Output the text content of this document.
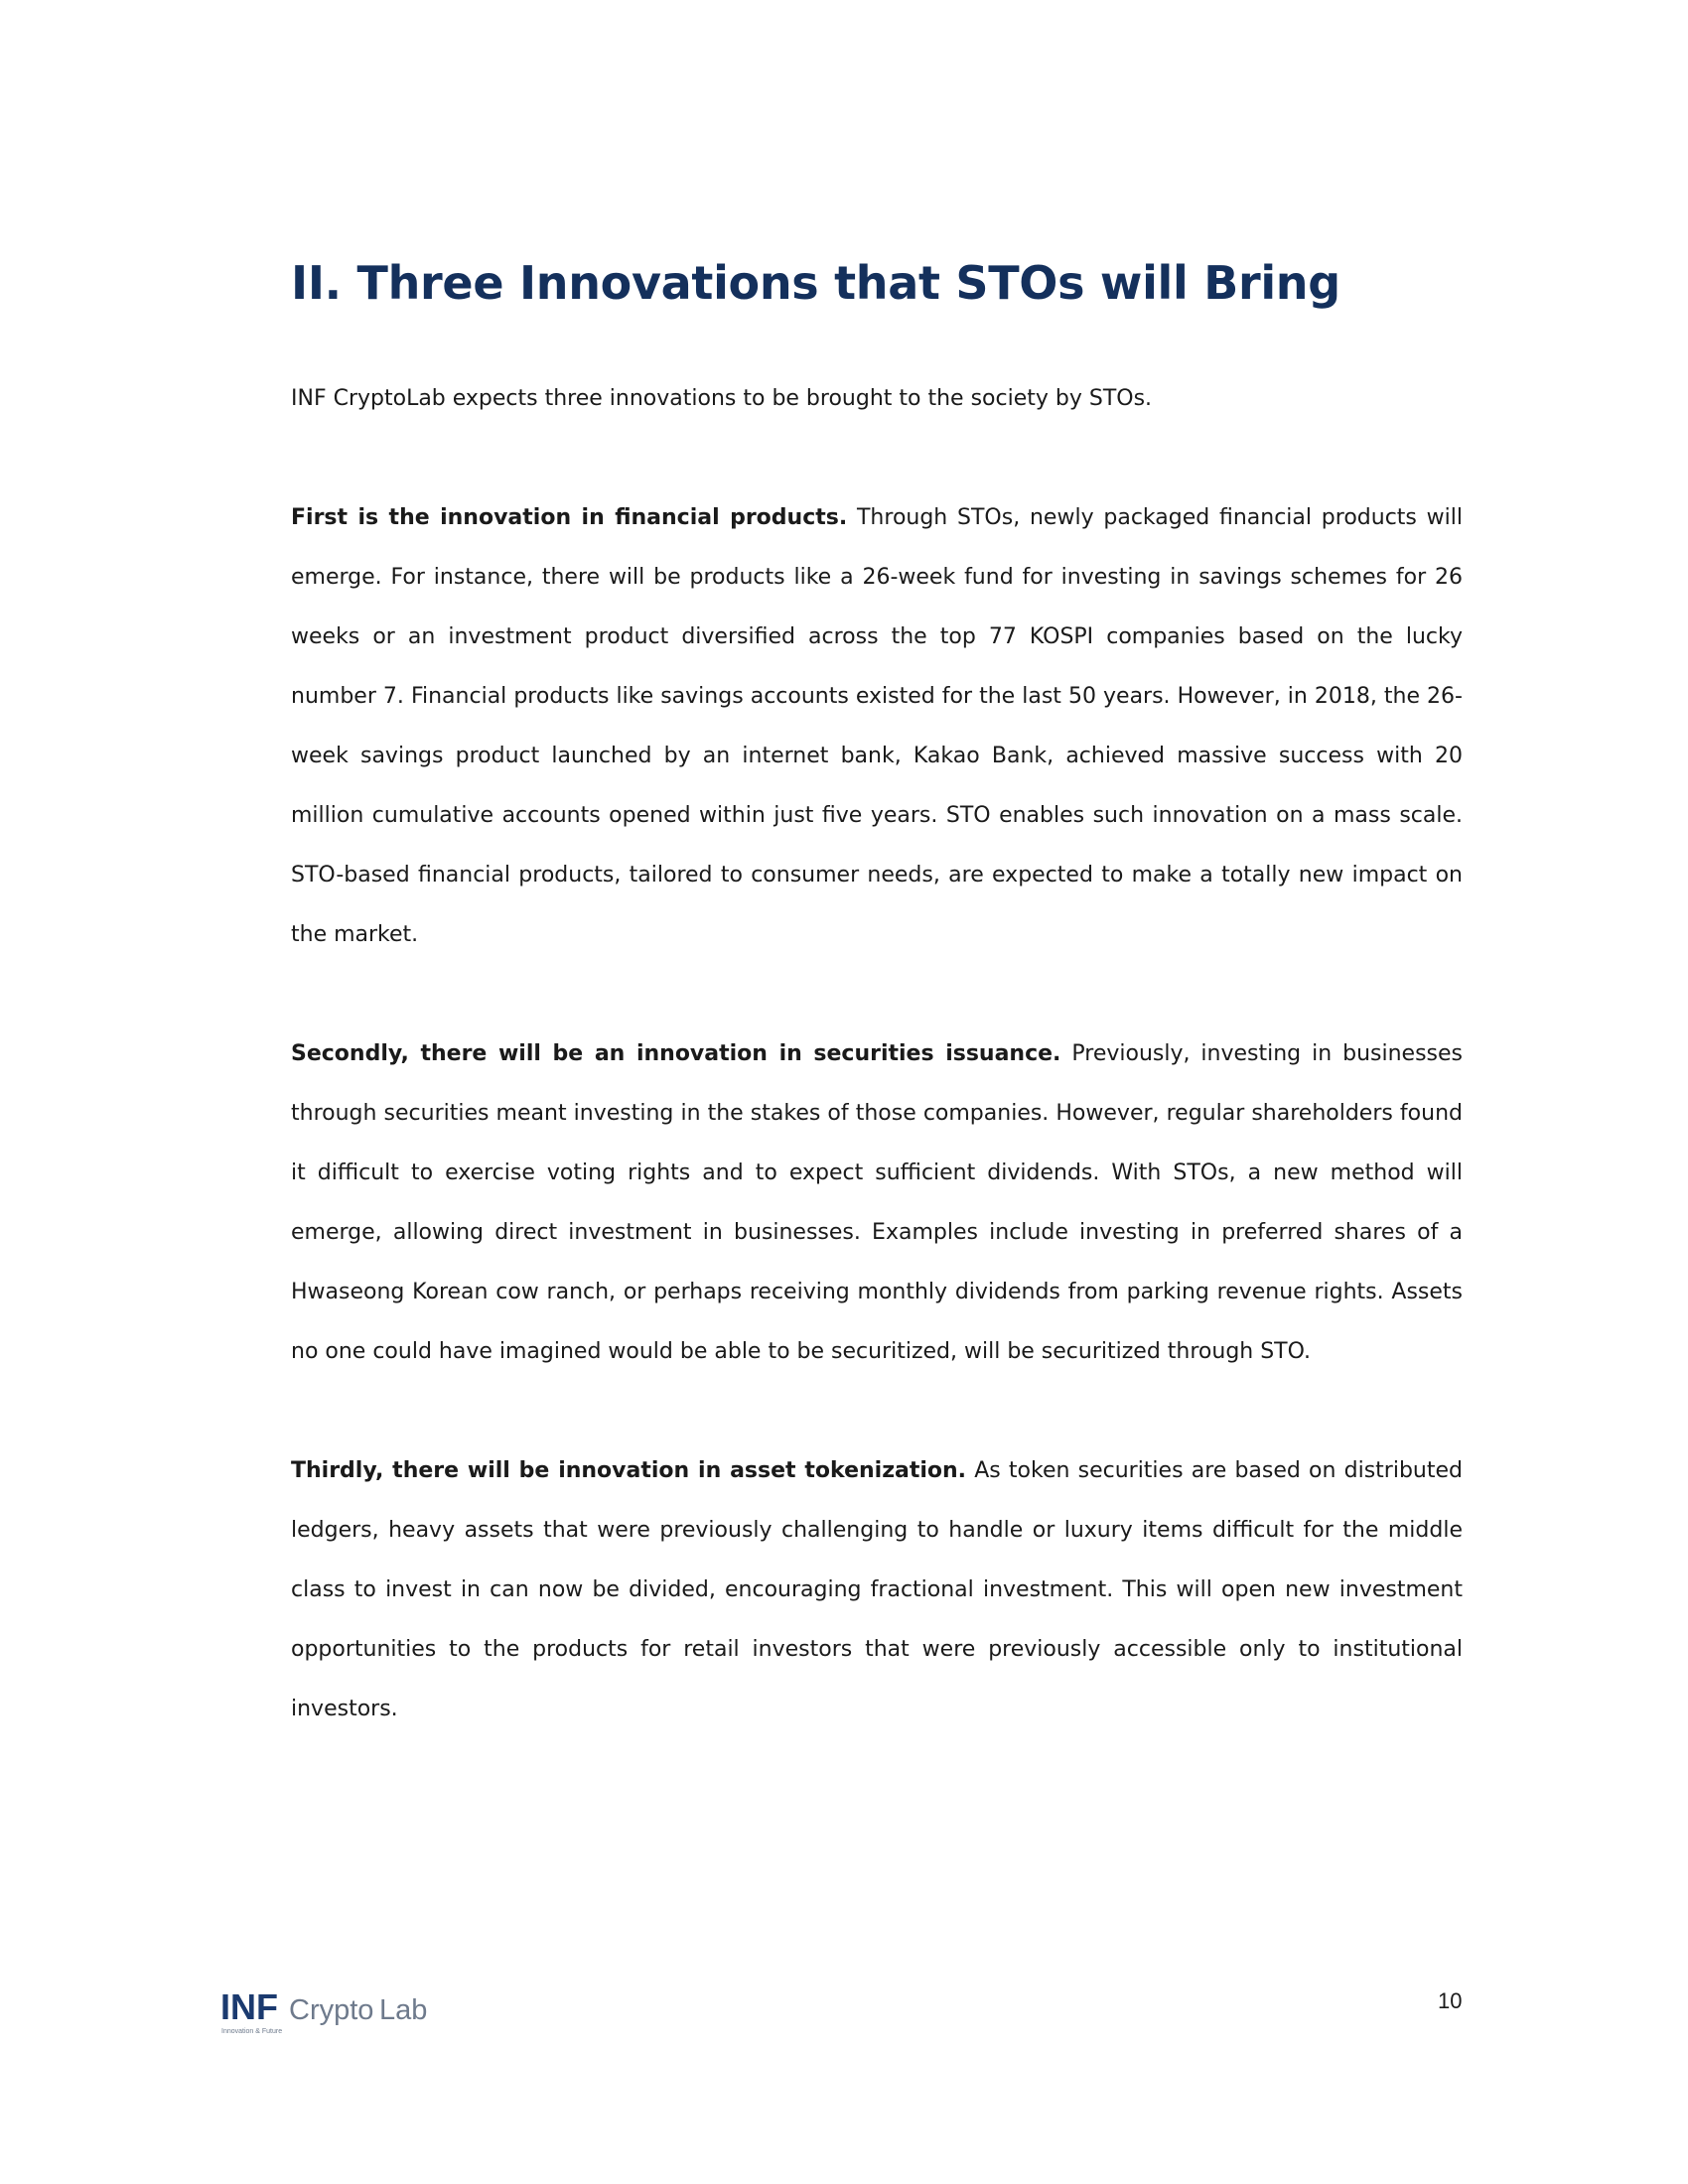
II. Three Innovations that STOs will Bring

INF CryptoLab expects three innovations to be brought to the society by STOs.

First is the innovation in financial products. Through STOs, newly packaged financial products will emerge. For instance, there will be products like a 26-week fund for investing in savings schemes for 26 weeks or an investment product diversified across the top 77 KOSPI companies based on the lucky number 7. Financial products like savings accounts existed for the last 50 years. However, in 2018, the 26-week savings product launched by an internet bank, Kakao Bank, achieved massive success with 20 million cumulative accounts opened within just five years. STO enables such innovation on a mass scale. STO-based financial products, tailored to consumer needs, are expected to make a totally new impact on the market.

Secondly, there will be an innovation in securities issuance. Previously, investing in businesses through securities meant investing in the stakes of those companies. However, regular shareholders found it difficult to exercise voting rights and to expect sufficient dividends. With STOs, a new method will emerge, allowing direct investment in businesses. Examples include investing in preferred shares of a Hwaseong Korean cow ranch, or perhaps receiving monthly dividends from parking revenue rights. Assets no one could have imagined would be able to be securitized, will be securitized through STO.

Thirdly, there will be innovation in asset tokenization. As token securities are based on distributed ledgers, heavy assets that were previously challenging to handle or luxury items difficult for the middle class to invest in can now be divided, encouraging fractional investment. This will open new investment opportunities to the products for retail investors that were previously accessible only to institutional investors.

INF Crypto Lab
Innovation & Future
10
